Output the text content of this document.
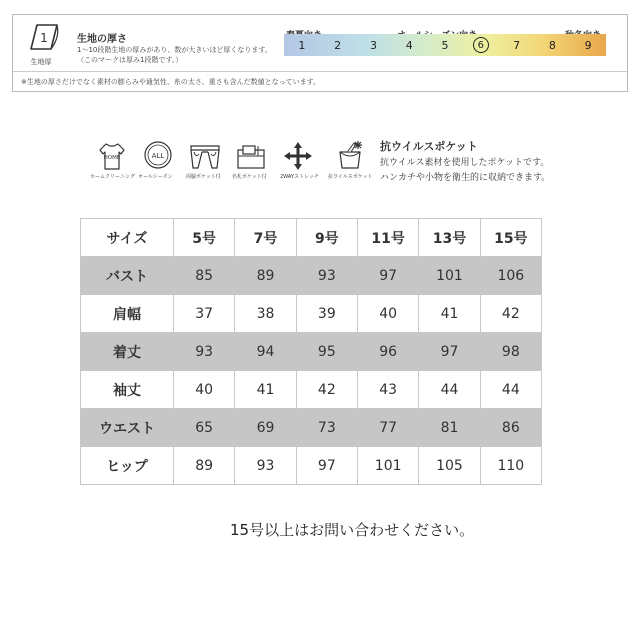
1
生地厚
生地の厚さ
1〜10段階生地の厚みがあり、数が大きいほど厚くなります。
（このマークは厚み1段階です。）
※生地の厚さだけでなく素材の膨らみや通気性、糸の太さ、重さも含んだ数値となっています。
1	2	3	4	5	6	7	8	9
HOME
ホームクリーニング
ALL
オールシーズン	両脇ポケット付 名札ポケット付	2WAYストレッチ 抗ウイルスポケット
抗ウイルスポケット
抗ウイルス素材を使用したポケットです。
ハンカチや小物を衛生的に収納できます。
サイズ	5号	7号	9号	11号	13号	15号
バスト	85	89	93	97	101	106
肩幅	37	38	39	40	41	42
着丈	93	94	95	96	97	98
袖丈	40	41	42	43	44	44
ウエスト	65	69	73	77	81	86
ヒップ	89	93	97	101	105	110
15号以上はお問い合わせください。
